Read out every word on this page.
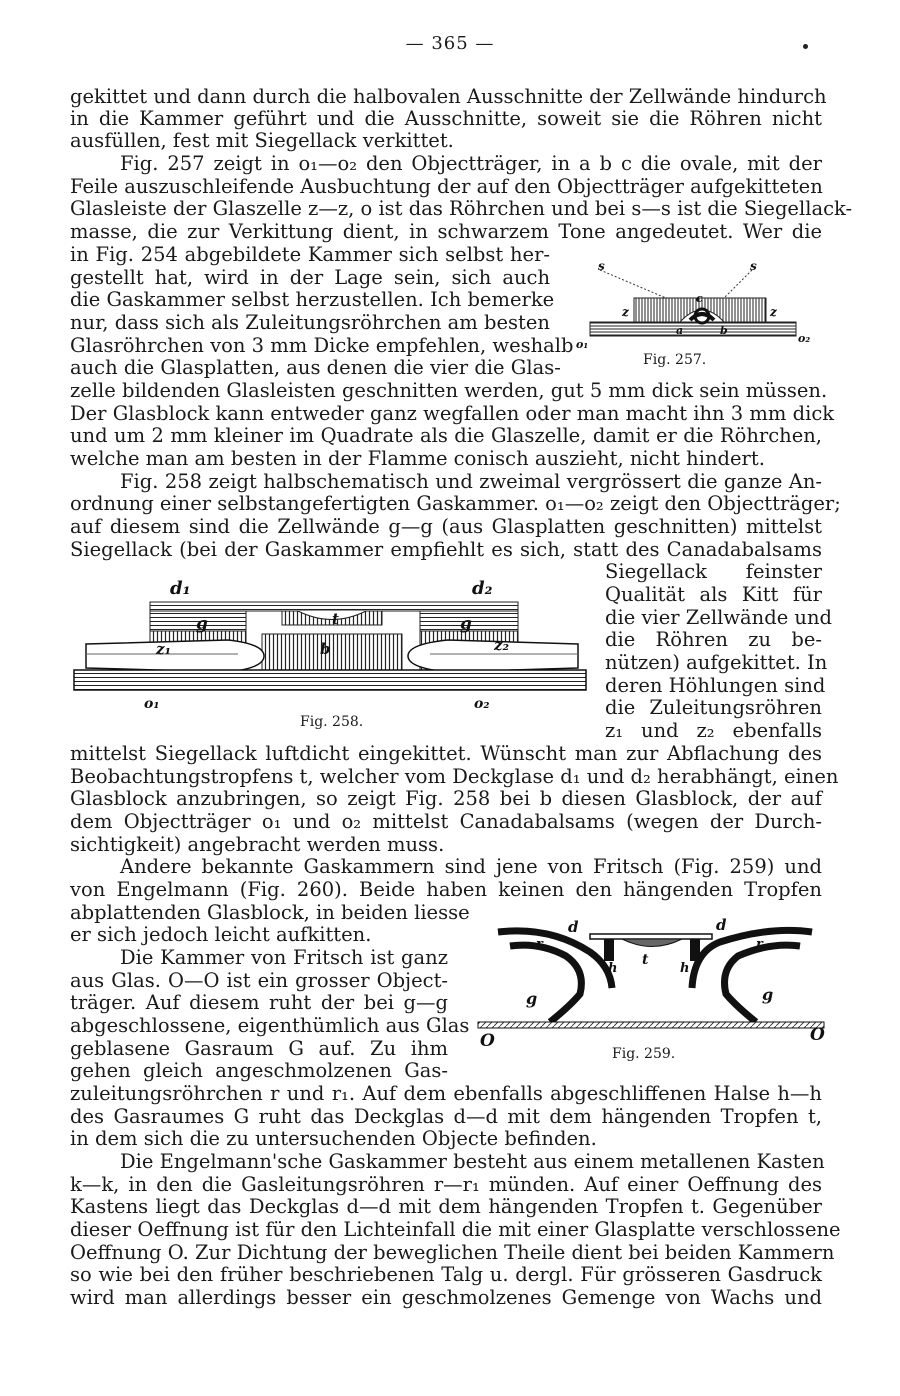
— 365 —
gekittet und dann durch die halbovalen Ausschnitte der Zellwände hindurch
in die Kammer geführt und die Ausschnitte, soweit sie die Röhren nicht
ausfüllen, fest mit Siegellack verkittet.
Fig. 257 zeigt in o₁—o₂ den Objectträger, in a b c die ovale, mit der
Feile auszuschleifende Ausbuchtung der auf den Objectträger aufgekitteten
Glasleiste der Glaszelle z—z, o ist das Röhrchen und bei s—s ist die Siegellack-
masse, die zur Verkittung dient, in schwarzem Tone angedeutet. Wer die
in Fig. 254 abgebildete Kammer sich selbst her-
gestellt hat, wird in der Lage sein, sich auch
die Gaskammer selbst herzustellen. Ich bemerke
nur, dass sich als Zuleitungsröhrchen am besten
Glasröhrchen von 3 mm Dicke empfehlen, weshalb
auch die Glasplatten, aus denen die vier die Glas-
zelle bildenden Glasleisten geschnitten werden, gut 5 mm dick sein müssen.
Der Glasblock kann entweder ganz wegfallen oder man macht ihn 3 mm dick
und um 2 mm kleiner im Quadrate als die Glaszelle, damit er die Röhrchen,
welche man am besten in der Flamme conisch auszieht, nicht hindert.
Fig. 258 zeigt halbschematisch und zweimal vergrössert die ganze An-
ordnung einer selbstangefertigten Gaskammer. o₁—o₂ zeigt den Objectträger;
auf diesem sind die Zellwände g—g (aus Glasplatten geschnitten) mittelst
Siegellack (bei der Gaskammer empfiehlt es sich, statt des Canadabalsams
Siegellack feinster
Qualität als Kitt für
die vier Zellwände und
die Röhren zu be-
nützen) aufgekittet. In
deren Höhlungen sind
die Zuleitungsröhren
z₁ und z₂ ebenfalls
mittelst Siegellack luftdicht eingekittet. Wünscht man zur Abflachung des
Beobachtungstropfens t, welcher vom Deckglase d₁ und d₂ herabhängt, einen
Glasblock anzubringen, so zeigt Fig. 258 bei b diesen Glasblock, der auf
dem Objectträger o₁ und o₂ mittelst Canadabalsams (wegen der Durch-
sichtigkeit) angebracht werden muss.
Andere bekannte Gaskammern sind jene von Fritsch (Fig. 259) und
von Engelmann (Fig. 260). Beide haben keinen den hängenden Tropfen
abplattenden Glasblock, in beiden liesse
er sich jedoch leicht aufkitten.
Die Kammer von Fritsch ist ganz
aus Glas. O—O ist ein grosser Object-
träger. Auf diesem ruht der bei g—g
abgeschlossene, eigenthümlich aus Glas
geblasene Gasraum G auf. Zu ihm
gehen gleich angeschmolzenen Gas-
zuleitungsröhrchen r und r₁. Auf dem ebenfalls abgeschliffenen Halse h—h
des Gasraumes G ruht das Deckglas d—d mit dem hängenden Tropfen t,
in dem sich die zu untersuchenden Objecte befinden.
Die Engelmann'sche Gaskammer besteht aus einem metallenen Kasten
k—k, in den die Gasleitungsröhren r—r₁ münden. Auf einer Oeffnung des
Kastens liegt das Deckglas d—d mit dem hängenden Tropfen t. Gegenüber
dieser Oeffnung ist für den Lichteinfall die mit einer Glasplatte verschlossene
Oeffnung O. Zur Dichtung der beweglichen Theile dient bei beiden Kammern
so wie bei den früher beschriebenen Talg u. dergl. Für grösseren Gasdruck
wird man allerdings besser ein geschmolzenes Gemenge von Wachs und
s	s
c
z	z
a	b
o₁	o₂
Fig. 257.
d₁	d₂
g	g
t
z₁	z₂
b
o₁	o₂
Fig. 258.
d	d
r	r
h	h
t
g	g
O	O
Fig. 259.
